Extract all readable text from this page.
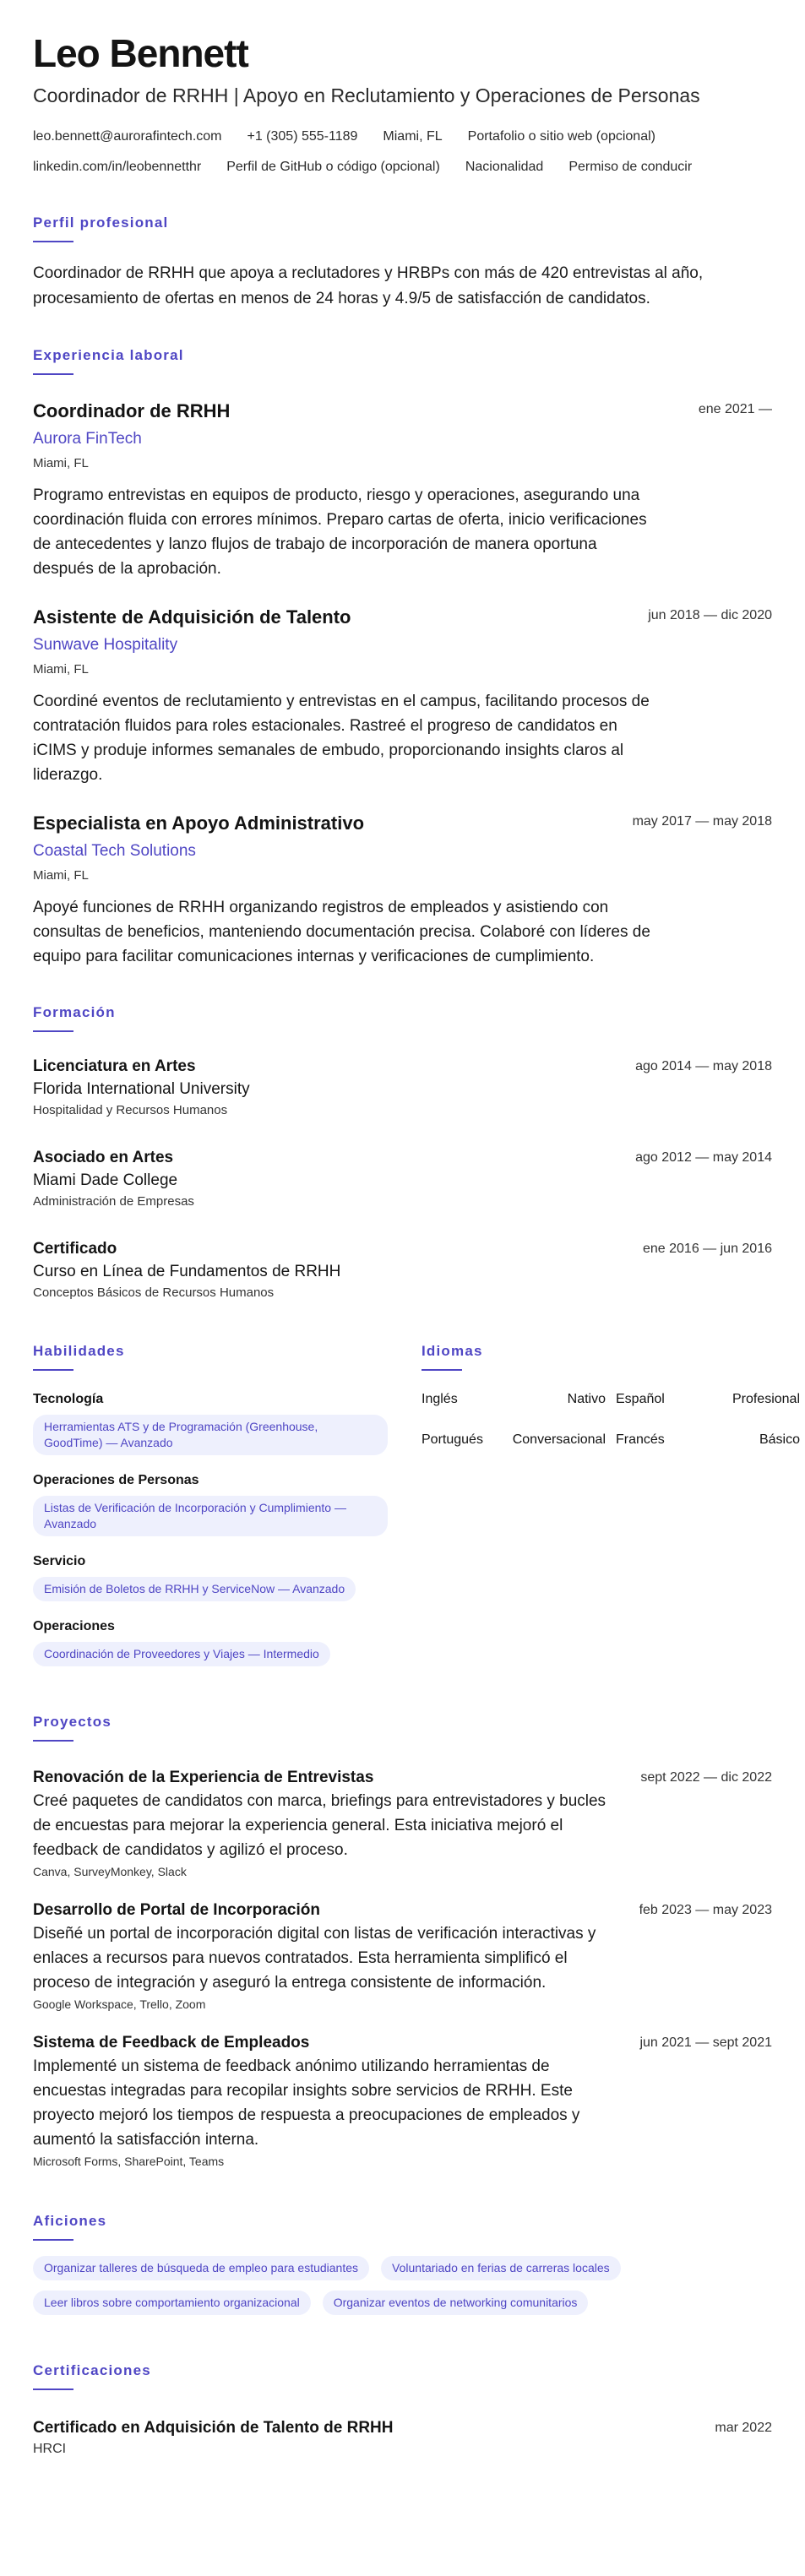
Leo Bennett
Coordinador de RRHH | Apoyo en Reclutamiento y Operaciones de Personas
leo.bennett@aurorafintech.com +1 (305) 555-1189 Miami, FL Portafolio o sitio web (opcional)
linkedin.com/in/leobennetthr Perfil de GitHub o código (opcional) Nacionalidad Permiso de conducir
Perfil profesional
Coordinador de RRHH que apoya a reclutadores y HRBPs con más de 420 entrevistas al año, procesamiento de ofertas en menos de 24 horas y 4.9/5 de satisfacción de candidatos.
Experiencia laboral
Coordinador de RRHH	ene 2021 —
Aurora FinTech
Miami, FL
Programo entrevistas en equipos de producto, riesgo y operaciones, asegurando una coordinación fluida con errores mínimos. Preparo cartas de oferta, inicio verificaciones de antecedentes y lanzo flujos de trabajo de incorporación de manera oportuna después de la aprobación.
Asistente de Adquisición de Talento	jun 2018 — dic 2020
Sunwave Hospitality
Miami, FL
Coordiné eventos de reclutamiento y entrevistas en el campus, facilitando procesos de contratación fluidos para roles estacionales. Rastreé el progreso de candidatos en iCIMS y produje informes semanales de embudo, proporcionando insights claros al liderazgo.
Especialista en Apoyo Administrativo	may 2017 — may 2018
Coastal Tech Solutions
Miami, FL
Apoyé funciones de RRHH organizando registros de empleados y asistiendo con consultas de beneficios, manteniendo documentación precisa. Colaboré con líderes de equipo para facilitar comunicaciones internas y verificaciones de cumplimiento.
Formación
Licenciatura en Artes	ago 2014 — may 2018
Florida International University
Hospitalidad y Recursos Humanos
Asociado en Artes	ago 2012 — may 2014
Miami Dade College
Administración de Empresas
Certificado	ene 2016 — jun 2016
Curso en Línea de Fundamentos de RRHH
Conceptos Básicos de Recursos Humanos
Habilidades
Tecnología
Herramientas ATS y de Programación (Greenhouse, GoodTime) — Avanzado
Operaciones de Personas
Listas de Verificación de Incorporación y Cumplimiento — Avanzado
Servicio
Emisión de Boletos de RRHH y ServiceNow — Avanzado
Operaciones
Coordinación de Proveedores y Viajes — Intermedio
Idiomas
Inglés	Nativo Español	Profesional
Portugués	Conversacional Francés	Básico
Proyectos
Renovación de la Experiencia de Entrevistas	sept 2022 — dic 2022
Creé paquetes de candidatos con marca, briefings para entrevistadores y bucles de encuestas para mejorar la experiencia general. Esta iniciativa mejoró el feedback de candidatos y agilizó el proceso.
Canva, SurveyMonkey, Slack
Desarrollo de Portal de Incorporación	feb 2023 — may 2023
Diseñé un portal de incorporación digital con listas de verificación interactivas y enlaces a recursos para nuevos contratados. Esta herramienta simplificó el proceso de integración y aseguró la entrega consistente de información.
Google Workspace, Trello, Zoom
Sistema de Feedback de Empleados	jun 2021 — sept 2021
Implementé un sistema de feedback anónimo utilizando herramientas de encuestas integradas para recopilar insights sobre servicios de RRHH. Este proyecto mejoró los tiempos de respuesta a preocupaciones de empleados y aumentó la satisfacción interna.
Microsoft Forms, SharePoint, Teams
Aficiones
Organizar talleres de búsqueda de empleo para estudiantes	Voluntariado en ferias de carreras locales
Leer libros sobre comportamiento organizacional	Organizar eventos de networking comunitarios
Certificaciones
Certificado en Adquisición de Talento de RRHH	mar 2022
HRCI
